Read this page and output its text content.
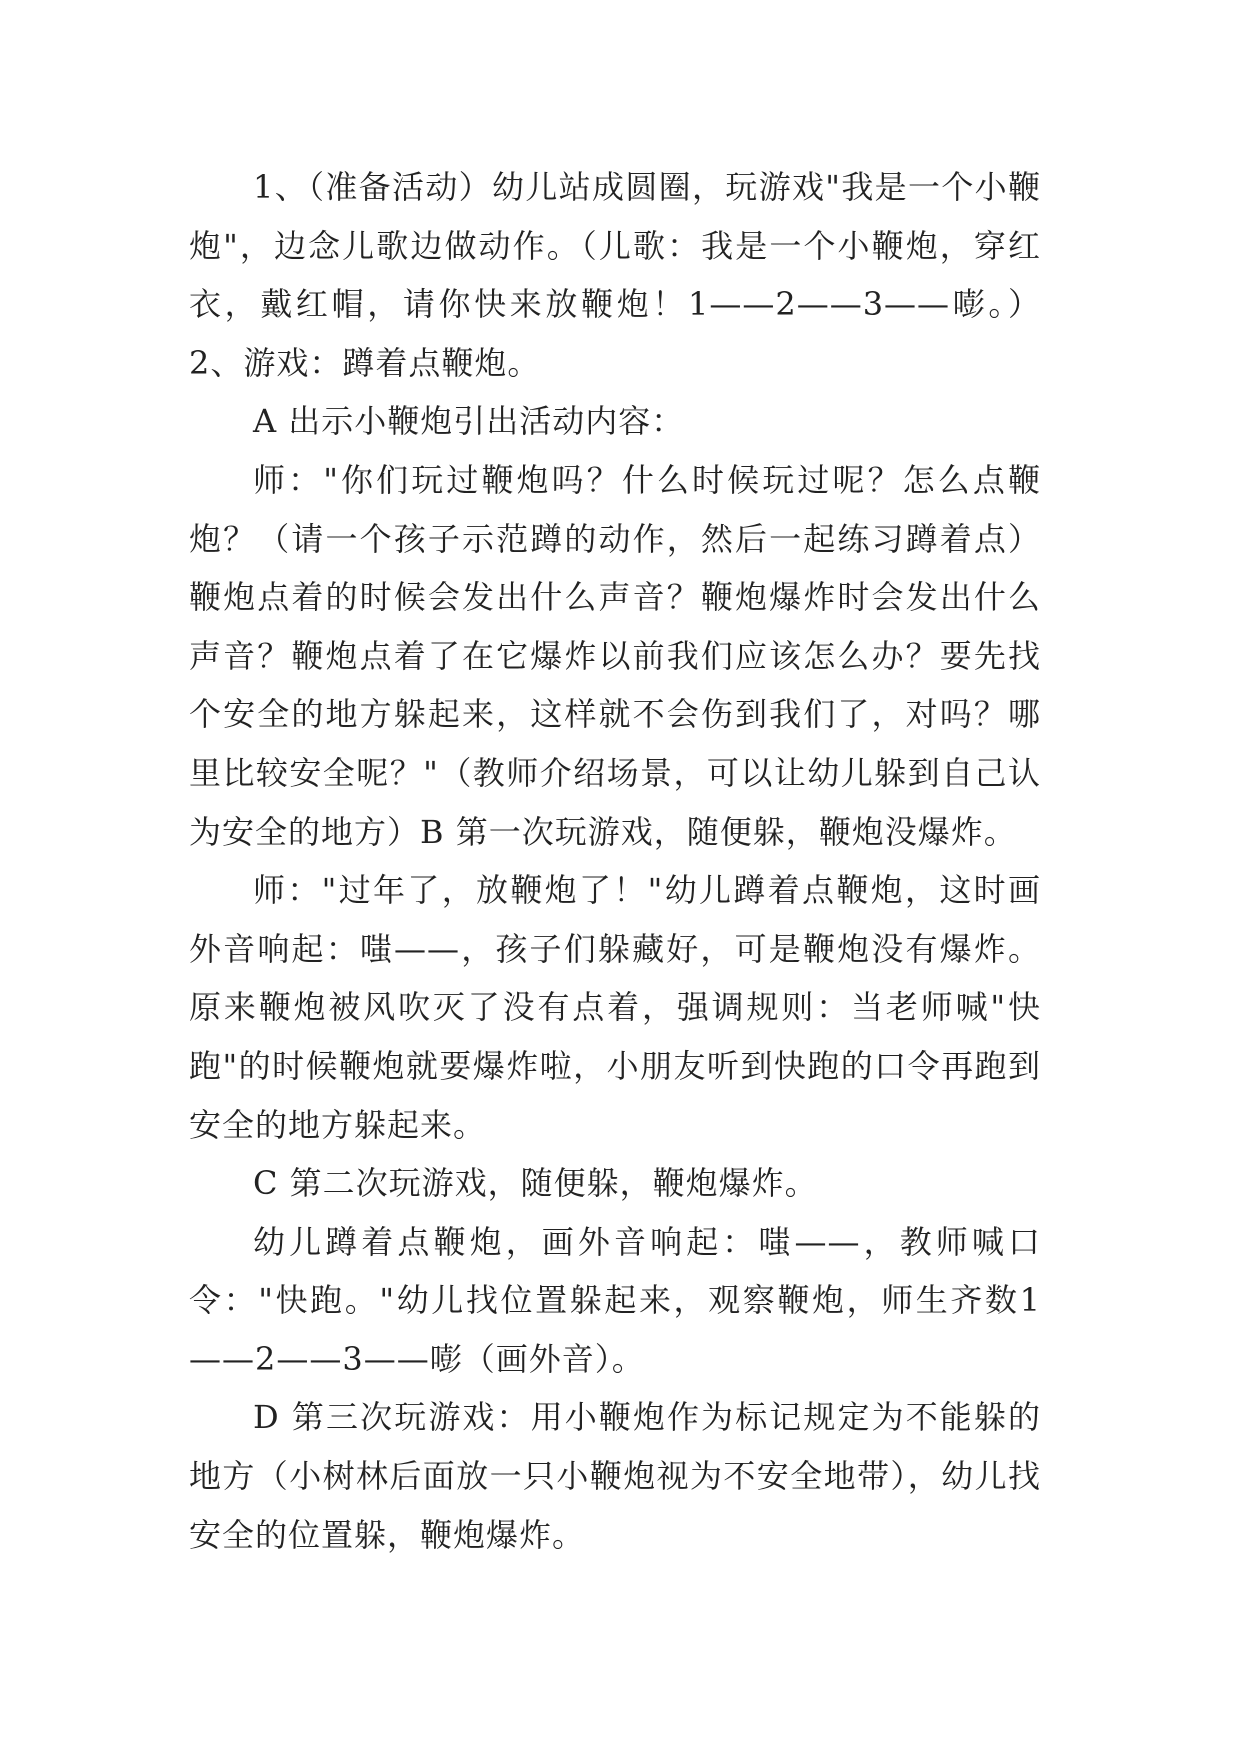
1、（准备活动）幼儿站成圆圈，玩游戏"我是一个小鞭炮"，边念儿歌边做动作。（儿歌：我是一个小鞭炮，穿红衣，戴红帽，请你快来放鞭炮！1——2——3——嘭。）2、游戏：蹲着点鞭炮。

A 出示小鞭炮引出活动内容：

师："你们玩过鞭炮吗？什么时候玩过呢？怎么点鞭炮？（请一个孩子示范蹲的动作，然后一起练习蹲着点）鞭炮点着的时候会发出什么声音？鞭炮爆炸时会发出什么声音？鞭炮点着了在它爆炸以前我们应该怎么办？要先找个安全的地方躲起来，这样就不会伤到我们了，对吗？哪里比较安全呢？"（教师介绍场景，可以让幼儿躲到自己认为安全的地方）B 第一次玩游戏，随便躲，鞭炮没爆炸。

师："过年了，放鞭炮了！"幼儿蹲着点鞭炮，这时画外音响起：嗤——，孩子们躲藏好，可是鞭炮没有爆炸。原来鞭炮被风吹灭了没有点着，强调规则：当老师喊"快跑"的时候鞭炮就要爆炸啦，小朋友听到快跑的口令再跑到安全的地方躲起来。

C 第二次玩游戏，随便躲，鞭炮爆炸。

幼儿蹲着点鞭炮，画外音响起：嗤——，教师喊口令："快跑。"幼儿找位置躲起来，观察鞭炮，师生齐数1——2——3——嘭（画外音）。

D 第三次玩游戏：用小鞭炮作为标记规定为不能躲的地方（小树林后面放一只小鞭炮视为不安全地带），幼儿找安全的位置躲，鞭炮爆炸。
